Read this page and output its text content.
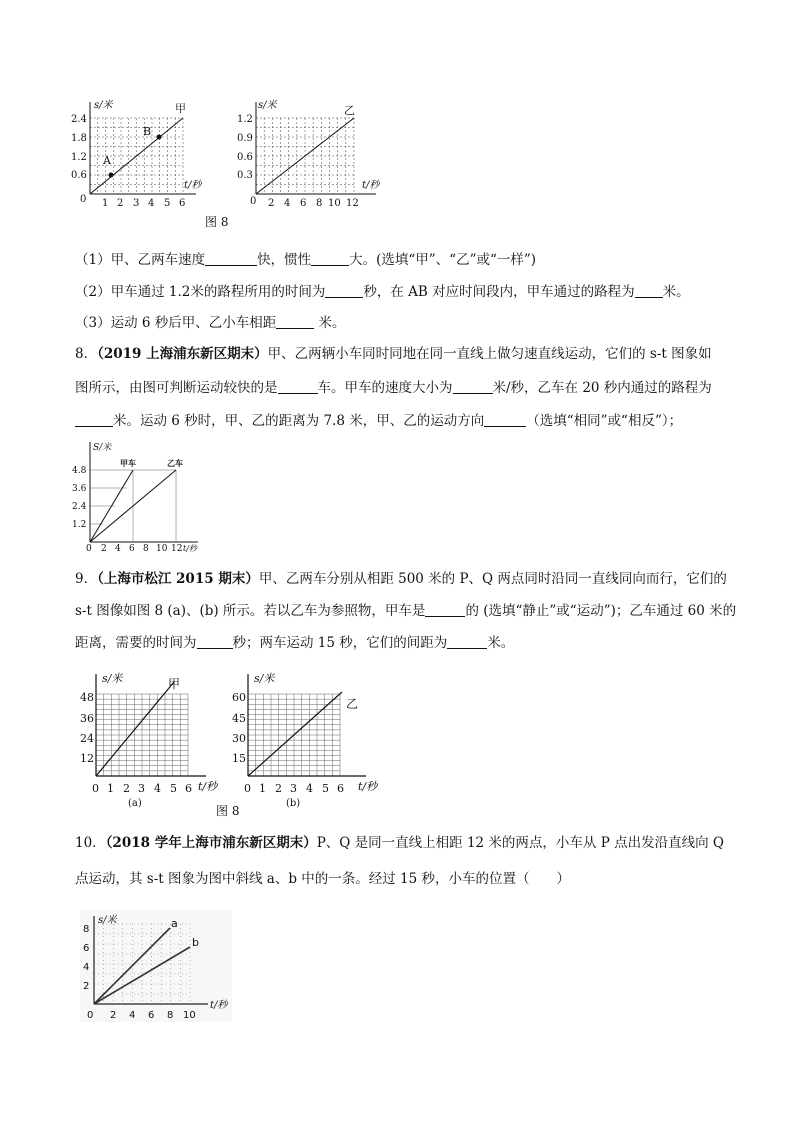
A
B
s/米	甲
2.4
1.8
1.2
0.6
0 1 2 3 4 5 6
t/秒
s/米	乙
1.2
0.9
0.6
0.3
0 2 4 6 8 10 12
t/秒
图 8
（1）甲、乙两车速度	快，惯性	大。(选填“甲”、“乙”或“一样”)
（2）甲车通过 1.2米的路程所用的时间为	秒，在 AB 对应时间段内，甲车通过的路程为 米。
（3）运动 6 秒后甲、乙小车相距	米。
8．（2019 上海浦东新区期末）甲、乙两辆小车同时同地在同一直线上做匀速直线运动，它们的 s-t 图象如
图所示，由图可判断运动较快的是	车。甲车的速度大小为	米/秒，乙车在 20 秒内通过的路程为
米。运动 6 秒时，甲、乙的距离为 7.8 米，甲、乙的运动方向	（选填“相同”或“相反”）；
S/米
甲车	乙车
4.8
3.6
2.4
1.2
0 2 4 6 8 10 12 t/秒
9．（上海市松江 2015 期末）甲、乙两车分别从相距 500 米的 P、Q 两点同时沿同一直线同向而行，它们的
s-t 图像如图 8 (a)、(b) 所示。若以乙车为参照物，甲车是	的 (选填“静止”或“运动”)；乙车通过 60 米的
距离，需要的时间为	秒；两车运动 15 秒，它们的间距为	米。
s/米	甲
48
36
24
12
0 1 2 3 4 5 6 t/秒
(a)
s/米
乙
60
45
30
15
0 1 2 3 4 5 6 t/秒
(b)
图 8
10．（2018 学年上海市浦东新区期末）P、Q 是同一直线上相距 12 米的两点，小车从 P 点出发沿直线向 Q
点运动，其 s-t 图象为图中斜线 a、b 中的一条。经过 15 秒，小车的位置（　　）
s/米	a
b
8
6
4
2
0 2 4 6 8 10
t/秒
